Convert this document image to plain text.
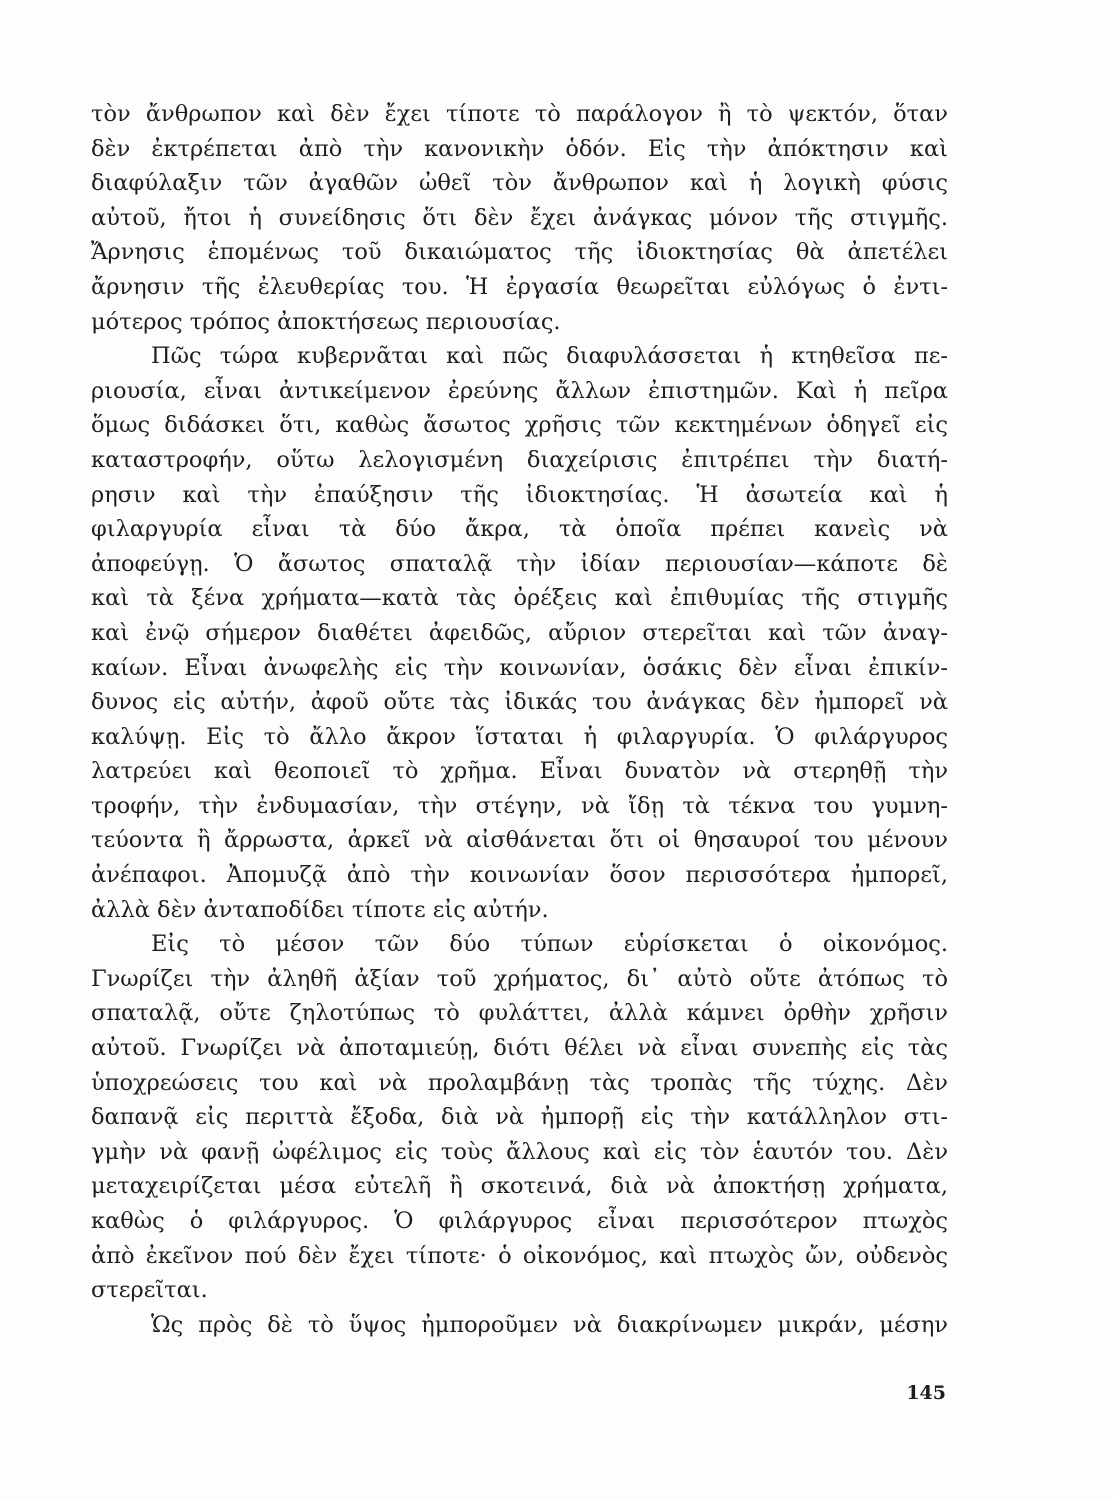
τὸν ἄνθρωπον καὶ δὲν ἔχει τίποτε τὸ παράλογον ἢ τὸ ψεκτόν, ὅταν
δὲν ἐκτρέπεται ἀπὸ τὴν κανονικὴν ὁδόν. Εἰς τὴν ἀπόκτησιν καὶ
διαφύλαξιν τῶν ἀγαθῶν ὠθεῖ τὸν ἄνθρωπον καὶ ἡ λογικὴ φύσις
αὐτοῦ, ἤτοι ἡ συνείδησις ὅτι δὲν ἔχει ἀνάγκας μόνον τῆς στιγμῆς.
Ἄρνησις ἑπομένως τοῦ δικαιώματος τῆς ἰδιοκτησίας θὰ ἀπετέλει
ἄρνησιν τῆς ἐλευθερίας του. Ἡ ἐργασία θεωρεῖται εὐλόγως ὁ ἐντι-
μότερος τρόπος ἀποκτήσεως περιουσίας.
Πῶς τώρα κυβερνᾶται καὶ πῶς διαφυλάσσεται ἡ κτηθεῖσα πε-
ριουσία, εἶναι ἀντικείμενον ἐρεύνης ἄλλων ἐπιστημῶν. Καὶ ἡ πεῖρα
ὅμως διδάσκει ὅτι, καθὼς ἄσωτος χρῆσις τῶν κεκτημένων ὁδηγεῖ εἰς
καταστροφήν, οὕτω λελογισμένη διαχείρισις ἐπιτρέπει τὴν διατή-
ρησιν καὶ τὴν ἐπαύξησιν τῆς ἰδιοκτησίας. Ἡ ἀσωτεία καὶ ἡ
φιλαργυρία εἶναι τὰ δύο ἄκρα, τὰ ὁποῖα πρέπει κανεὶς νὰ
ἀποφεύγῃ. Ὁ ἄσωτος σπαταλᾷ τὴν ἰδίαν περιουσίαν—κάποτε δὲ
καὶ τὰ ξένα χρήματα—κατὰ τὰς ὀρέξεις καὶ ἐπιθυμίας τῆς στιγμῆς
καὶ ἐνῷ σήμερον διαθέτει ἀφειδῶς, αὔριον στερεῖται καὶ τῶν ἀναγ-
καίων. Εἶναι ἀνωφελὴς εἰς τὴν κοινωνίαν, ὁσάκις δὲν εἶναι ἐπικίν-
δυνος εἰς αὐτήν, ἀφοῦ οὔτε τὰς ἰδικάς του ἀνάγκας δὲν ἠμπορεῖ νὰ
καλύψῃ. Εἰς τὸ ἄλλο ἄκρον ἵσταται ἡ φιλαργυρία. Ὁ φιλάργυρος
λατρεύει καὶ θεοποιεῖ τὸ χρῆμα. Εἶναι δυνατὸν νὰ στερηθῇ τὴν
τροφήν, τὴν ἐνδυμασίαν, τὴν στέγην, νὰ ἴδῃ τὰ τέκνα του γυμνη-
τεύοντα ἢ ἄρρωστα, ἀρκεῖ νὰ αἰσθάνεται ὅτι οἱ θησαυροί του μένουν
ἀνέπαφοι. Ἀπομυζᾷ ἀπὸ τὴν κοινωνίαν ὅσον περισσότερα ἠμπορεῖ,
ἀλλὰ δὲν ἀνταποδίδει τίποτε εἰς αὐτήν.
Εἰς τὸ μέσον τῶν δύο τύπων εὑρίσκεται ὁ οἰκονόμος.
Γνωρίζει τὴν ἀληθῆ ἀξίαν τοῦ χρήματος, δι᾽ αὐτὸ οὔτε ἀτόπως τὸ
σπαταλᾷ, οὔτε ζηλοτύπως τὸ φυλάττει, ἀλλὰ κάμνει ὀρθὴν χρῆσιν
αὐτοῦ. Γνωρίζει νὰ ἀποταμιεύῃ, διότι θέλει νὰ εἶναι συνεπὴς εἰς τὰς
ὑποχρεώσεις του καὶ νὰ προλαμβάνῃ τὰς τροπὰς τῆς τύχης. Δὲν
δαπανᾷ εἰς περιττὰ ἔξοδα, διὰ νὰ ἠμπορῇ εἰς τὴν κατάλληλον στι-
γμὴν νὰ φανῇ ὠφέλιμος εἰς τοὺς ἄλλους καὶ εἰς τὸν ἑαυτόν του. Δὲν
μεταχειρίζεται μέσα εὐτελῆ ἢ σκοτεινά, διὰ νὰ ἀποκτήσῃ χρήματα,
καθὼς ὁ φιλάργυρος. Ὁ φιλάργυρος εἶναι περισσότερον πτωχὸς
ἀπὸ ἐκεῖνον πού δὲν ἔχει τίποτε· ὁ οἰκονόμος, καὶ πτωχὸς ὤν, οὐδενὸς
στερεῖται.
Ὡς πρὸς δὲ τὸ ὕψος ἠμποροῦμεν νὰ διακρίνωμεν μικράν, μέσην
145
